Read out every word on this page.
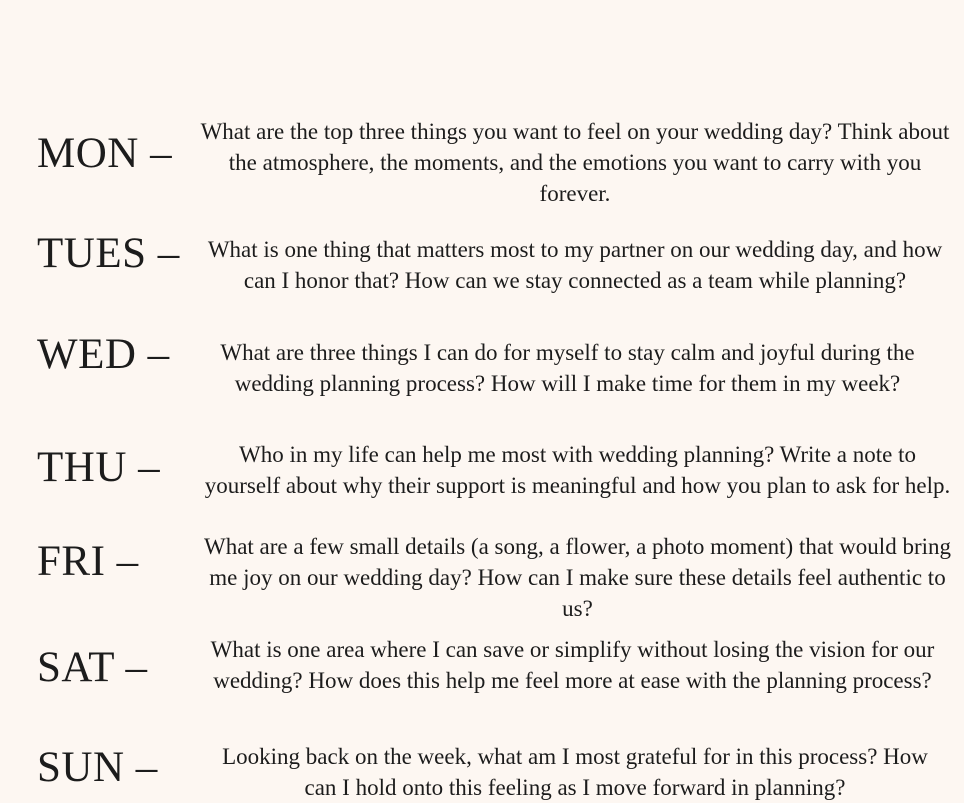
MON – What are the top three things you want to feel on your wedding day? Think about the atmosphere, the moments, and the emotions you want to carry with you forever.
TUES – What is one thing that matters most to my partner on our wedding day, and how can I honor that? How can we stay connected as a team while planning?
WED –	What are three things I can do for myself to stay calm and joyful during the wedding planning process? How will I make time for them in my week?
THU –	Who in my life can help me most with wedding planning? Write a note to yourself about why their support is meaningful and how you plan to ask for help.
FRI –	What are a few small details (a song, a flower, a photo moment) that would bring me joy on our wedding day? How can I make sure these details feel authentic to us?
SAT –	What is one area where I can save or simplify without losing the vision for our wedding? How does this help me feel more at ease with the planning process?
SUN –	Looking back on the week, what am I most grateful for in this process? How can I hold onto this feeling as I move forward in planning?
